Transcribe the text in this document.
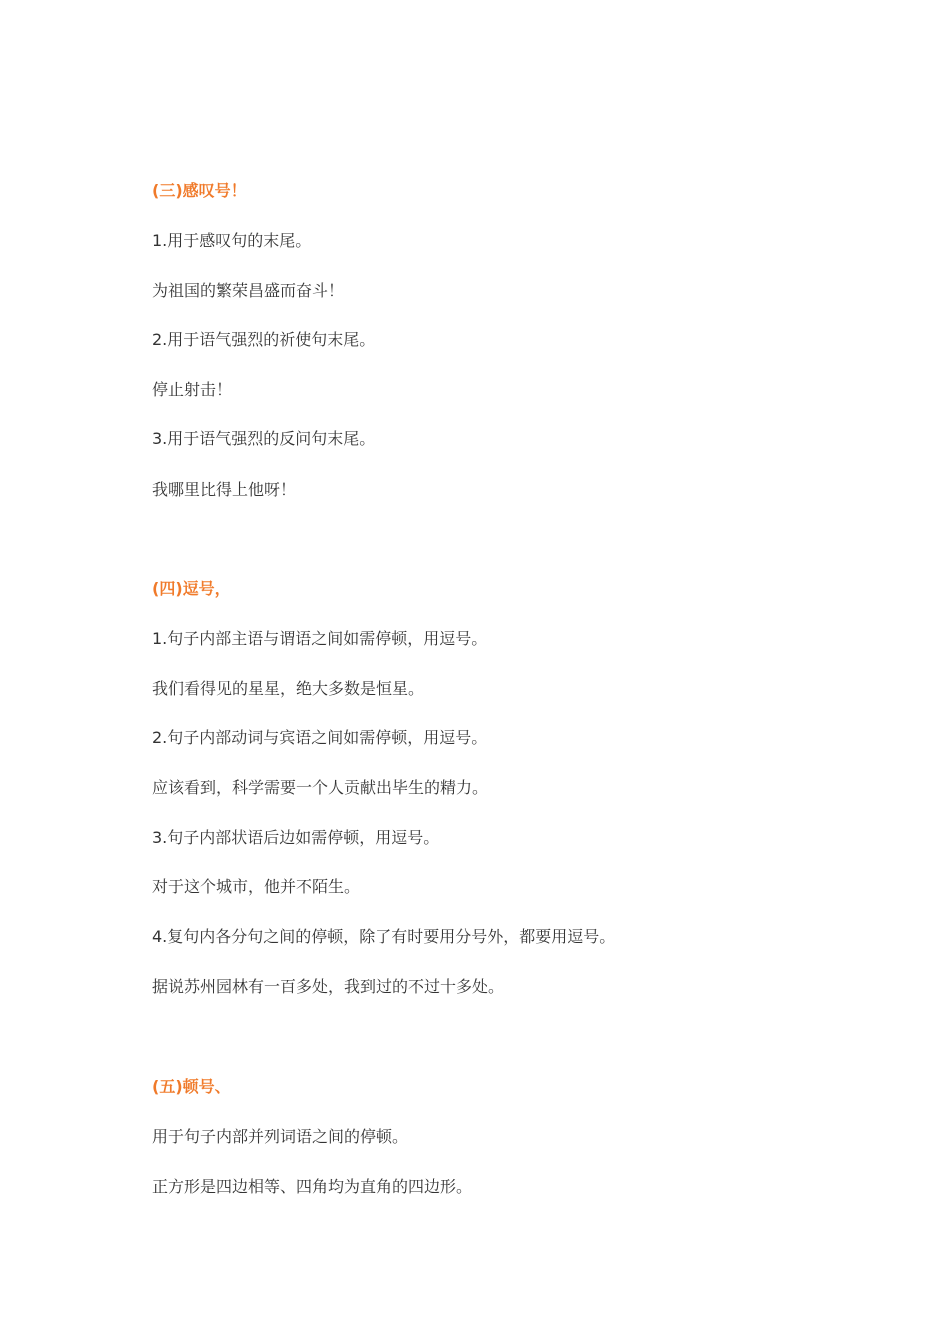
(三)感叹号！
1.用于感叹句的末尾。
为祖国的繁荣昌盛而奋斗！
2.用于语气强烈的祈使句末尾。
停止射击！
3.用于语气强烈的反问句末尾。
我哪里比得上他呀！
(四)逗号，
1.句子内部主语与谓语之间如需停顿，用逗号。
我们看得见的星星，绝大多数是恒星。
2.句子内部动词与宾语之间如需停顿，用逗号。
应该看到，科学需要一个人贡献出毕生的精力。
3.句子内部状语后边如需停顿，用逗号。
对于这个城市，他并不陌生。
4.复句内各分句之间的停顿，除了有时要用分号外，都要用逗号。
据说苏州园林有一百多处，我到过的不过十多处。
(五)顿号、
用于句子内部并列词语之间的停顿。
正方形是四边相等、四角均为直角的四边形。
